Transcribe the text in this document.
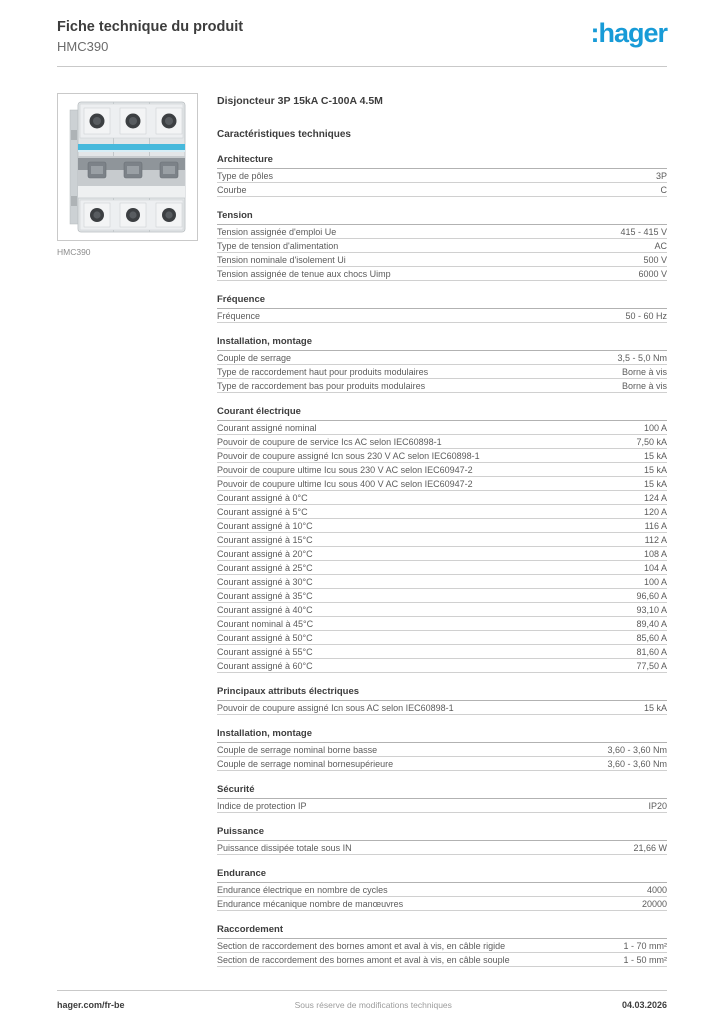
Fiche technique du produit
HMC390	:hager
HMC390
Disjoncteur 3P 15kA C-100A 4.5M
Caractéristiques techniques
Architecture
Type de pôles	3P
Courbe	C
Tension
Tension assignée d'emploi Ue	415 - 415 V
Type de tension d'alimentation	AC
Tension nominale d'isolement Ui	500 V
Tension assignée de tenue aux chocs Uimp	6000 V
Fréquence
Fréquence	50 - 60 Hz
Installation, montage
Couple de serrage	3,5 - 5,0 Nm
Type de raccordement haut pour produits modulaires	Borne à vis
Type de raccordement bas pour produits modulaires	Borne à vis
Courant électrique
Courant assigné nominal	100 A
Pouvoir de coupure de service Ics AC selon IEC60898-1	7,50 kA
Pouvoir de coupure assigné Icn sous 230 V AC selon IEC60898-1	15 kA
Pouvoir de coupure ultime Icu sous 230 V AC selon IEC60947-2	15 kA
Pouvoir de coupure ultime Icu sous 400 V AC selon IEC60947-2	15 kA
Courant assigné à 0°C	124 A
Courant assigné à 5°C	120 A
Courant assigné à 10°C	116 A
Courant assigné à 15°C	112 A
Courant assigné à 20°C	108 A
Courant assigné à 25°C	104 A
Courant assigné à 30°C	100 A
Courant assigné à 35°C	96,60 A
Courant assigné à 40°C	93,10 A
Courant nominal à 45°C	89,40 A
Courant assigné à 50°C	85,60 A
Courant assigné à 55°C	81,60 A
Courant assigné à 60°C	77,50 A
Principaux attributs électriques
Pouvoir de coupure assigné Icn sous AC selon IEC60898-1	15 kA
Installation, montage
Couple de serrage nominal borne basse	3,60 - 3,60 Nm
Couple de serrage nominal bornesupérieure	3,60 - 3,60 Nm
Sécurité
Indice de protection IP	IP20
Puissance
Puissance dissipée totale sous IN	21,66 W
Endurance
Endurance électrique en nombre de cycles	4000
Endurance mécanique nombre de manœuvres	20000
Raccordement
Section de raccordement des bornes amont et aval à vis, en câble rigide	1 - 70 mm²
Section de raccordement des bornes amont et aval à vis, en câble souple	1 - 50 mm²
hager.com/fr-be	Sous réserve de modifications techniques	04.03.2026
